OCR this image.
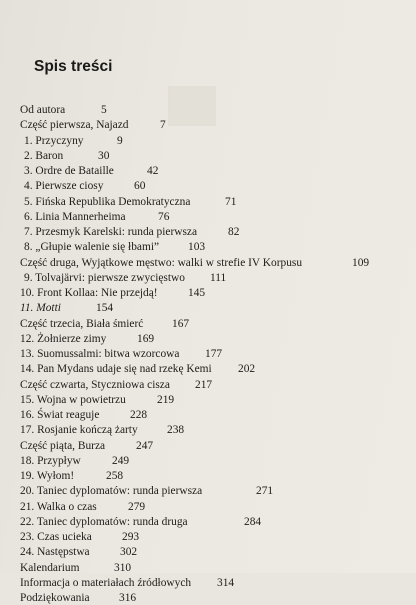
Spis treści
Od autora	5
Część pierwsza, Najazd	7
1. Przyczyny	9
2. Baron	30
3. Ordre de Bataille	42
4. Pierwsze ciosy	60
5. Fińska Republika Demokratyczna	71
6. Linia Mannerheima	76
7. Przesmyk Karelski: runda pierwsza	82
8. „Głupie walenie się łbami”	103
Część druga, Wyjątkowe męstwo: walki w strefie IV Korpusu	109
9. Tolvajärvi: pierwsze zwycięstwo 111
10. Front Kollaa: Nie przejdą!	145
11. Motti	154
Część trzecia, Biała śmierć	167
12. Żołnierze zimy	169
13. Suomussalmi: bitwa wzorcowa 177
14. Pan Mydans udaje się nad rzekę Kemi 202
Część czwarta, Styczniowa cisza 217
15. Wojna w powietrzu	219
16. Świat reaguje	228
17. Rosjanie kończą żarty	238
Część piąta, Burza	247
18. Przypływ	249
19. Wyłom!	258
20. Taniec dyplomatów: runda pierwsza	271
21. Walka o czas	279
22. Taniec dyplomatów: runda druga	284
23. Czas ucieka	293
24. Następstwa	302
Kalendarium	310
Informacja o materiałach źródłowych 314
Podziękowania	316
